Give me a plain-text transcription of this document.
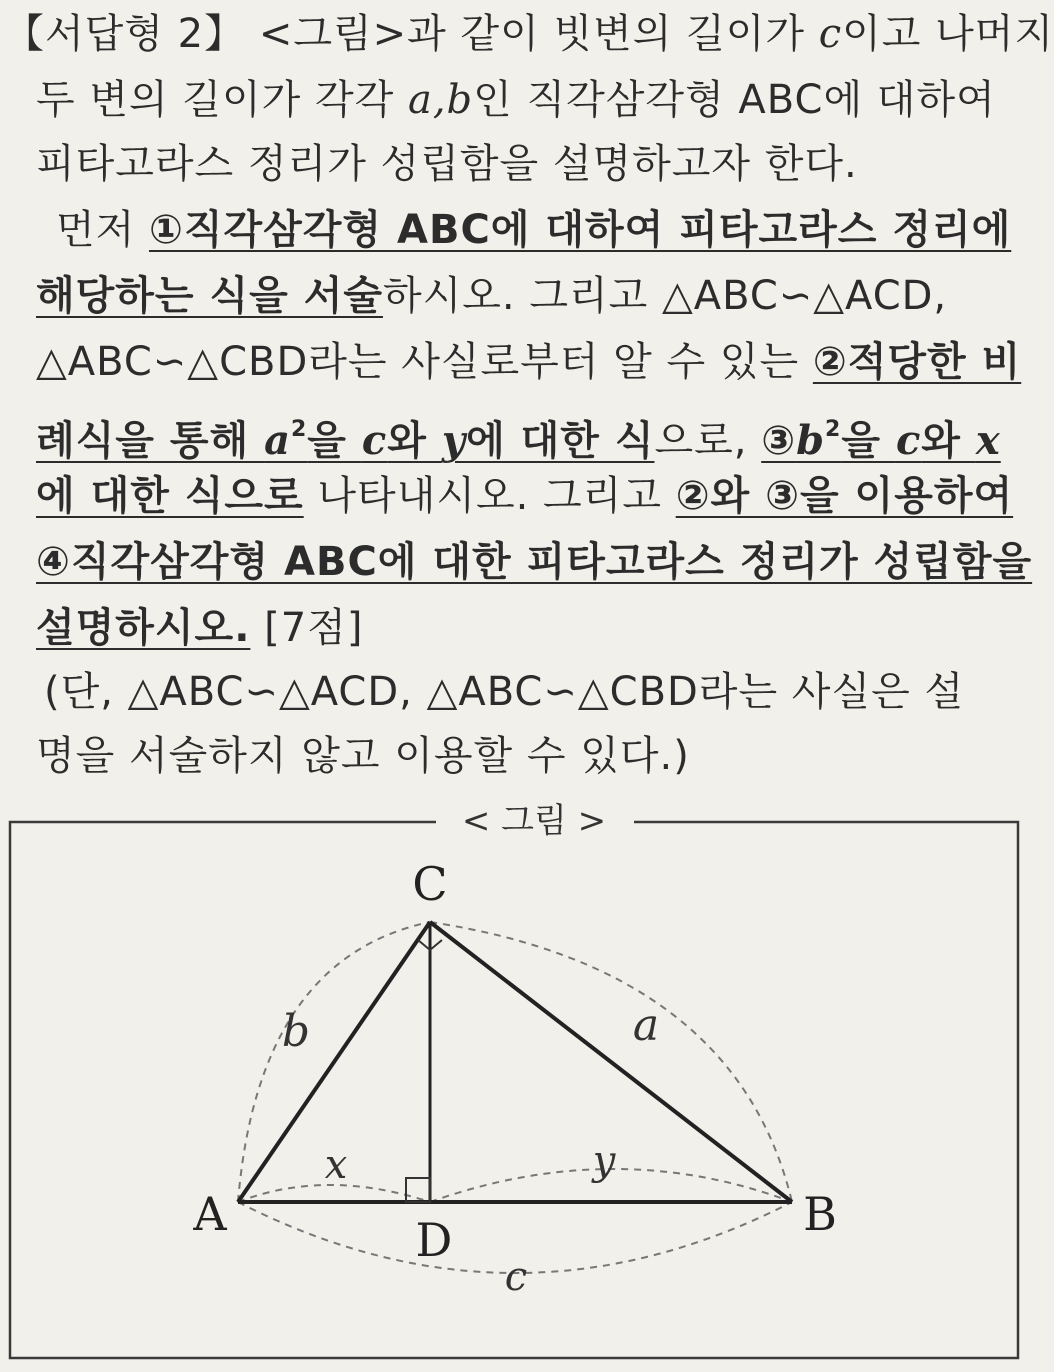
【서답형 2】 <그림>과 같이 빗변의 길이가 c이고 나머지
두 변의 길이가 각각 a,b인 직각삼각형 ABC에 대하여
피타고라스 정리가 성립함을 설명하고자 한다.
먼저 ①직각삼각형 ABC에 대하여 피타고라스 정리에
해당하는 식을 서술하시오. 그리고 △ABC∽△ACD,
△ABC∽△CBD라는 사실로부터 알 수 있는 ②적당한 비
례식을 통해 $a^2$을 c와 y에 대한 식으로, $③b^2$을 c와 x
에 대한 식으로 나타내시오. 그리고 ②와 ③을 이용하여
④직각삼각형 ABC에 대한 피타고라스 정리가 성립함을
설명하시오. [7점]
(단, △ABC∽△ACD, △ABC∽△CBD라는 사실은 설
명을 서술하지 않고 이용할 수 있다.)
< 그림 >
C
A	B
D
b	a
x	y
c
